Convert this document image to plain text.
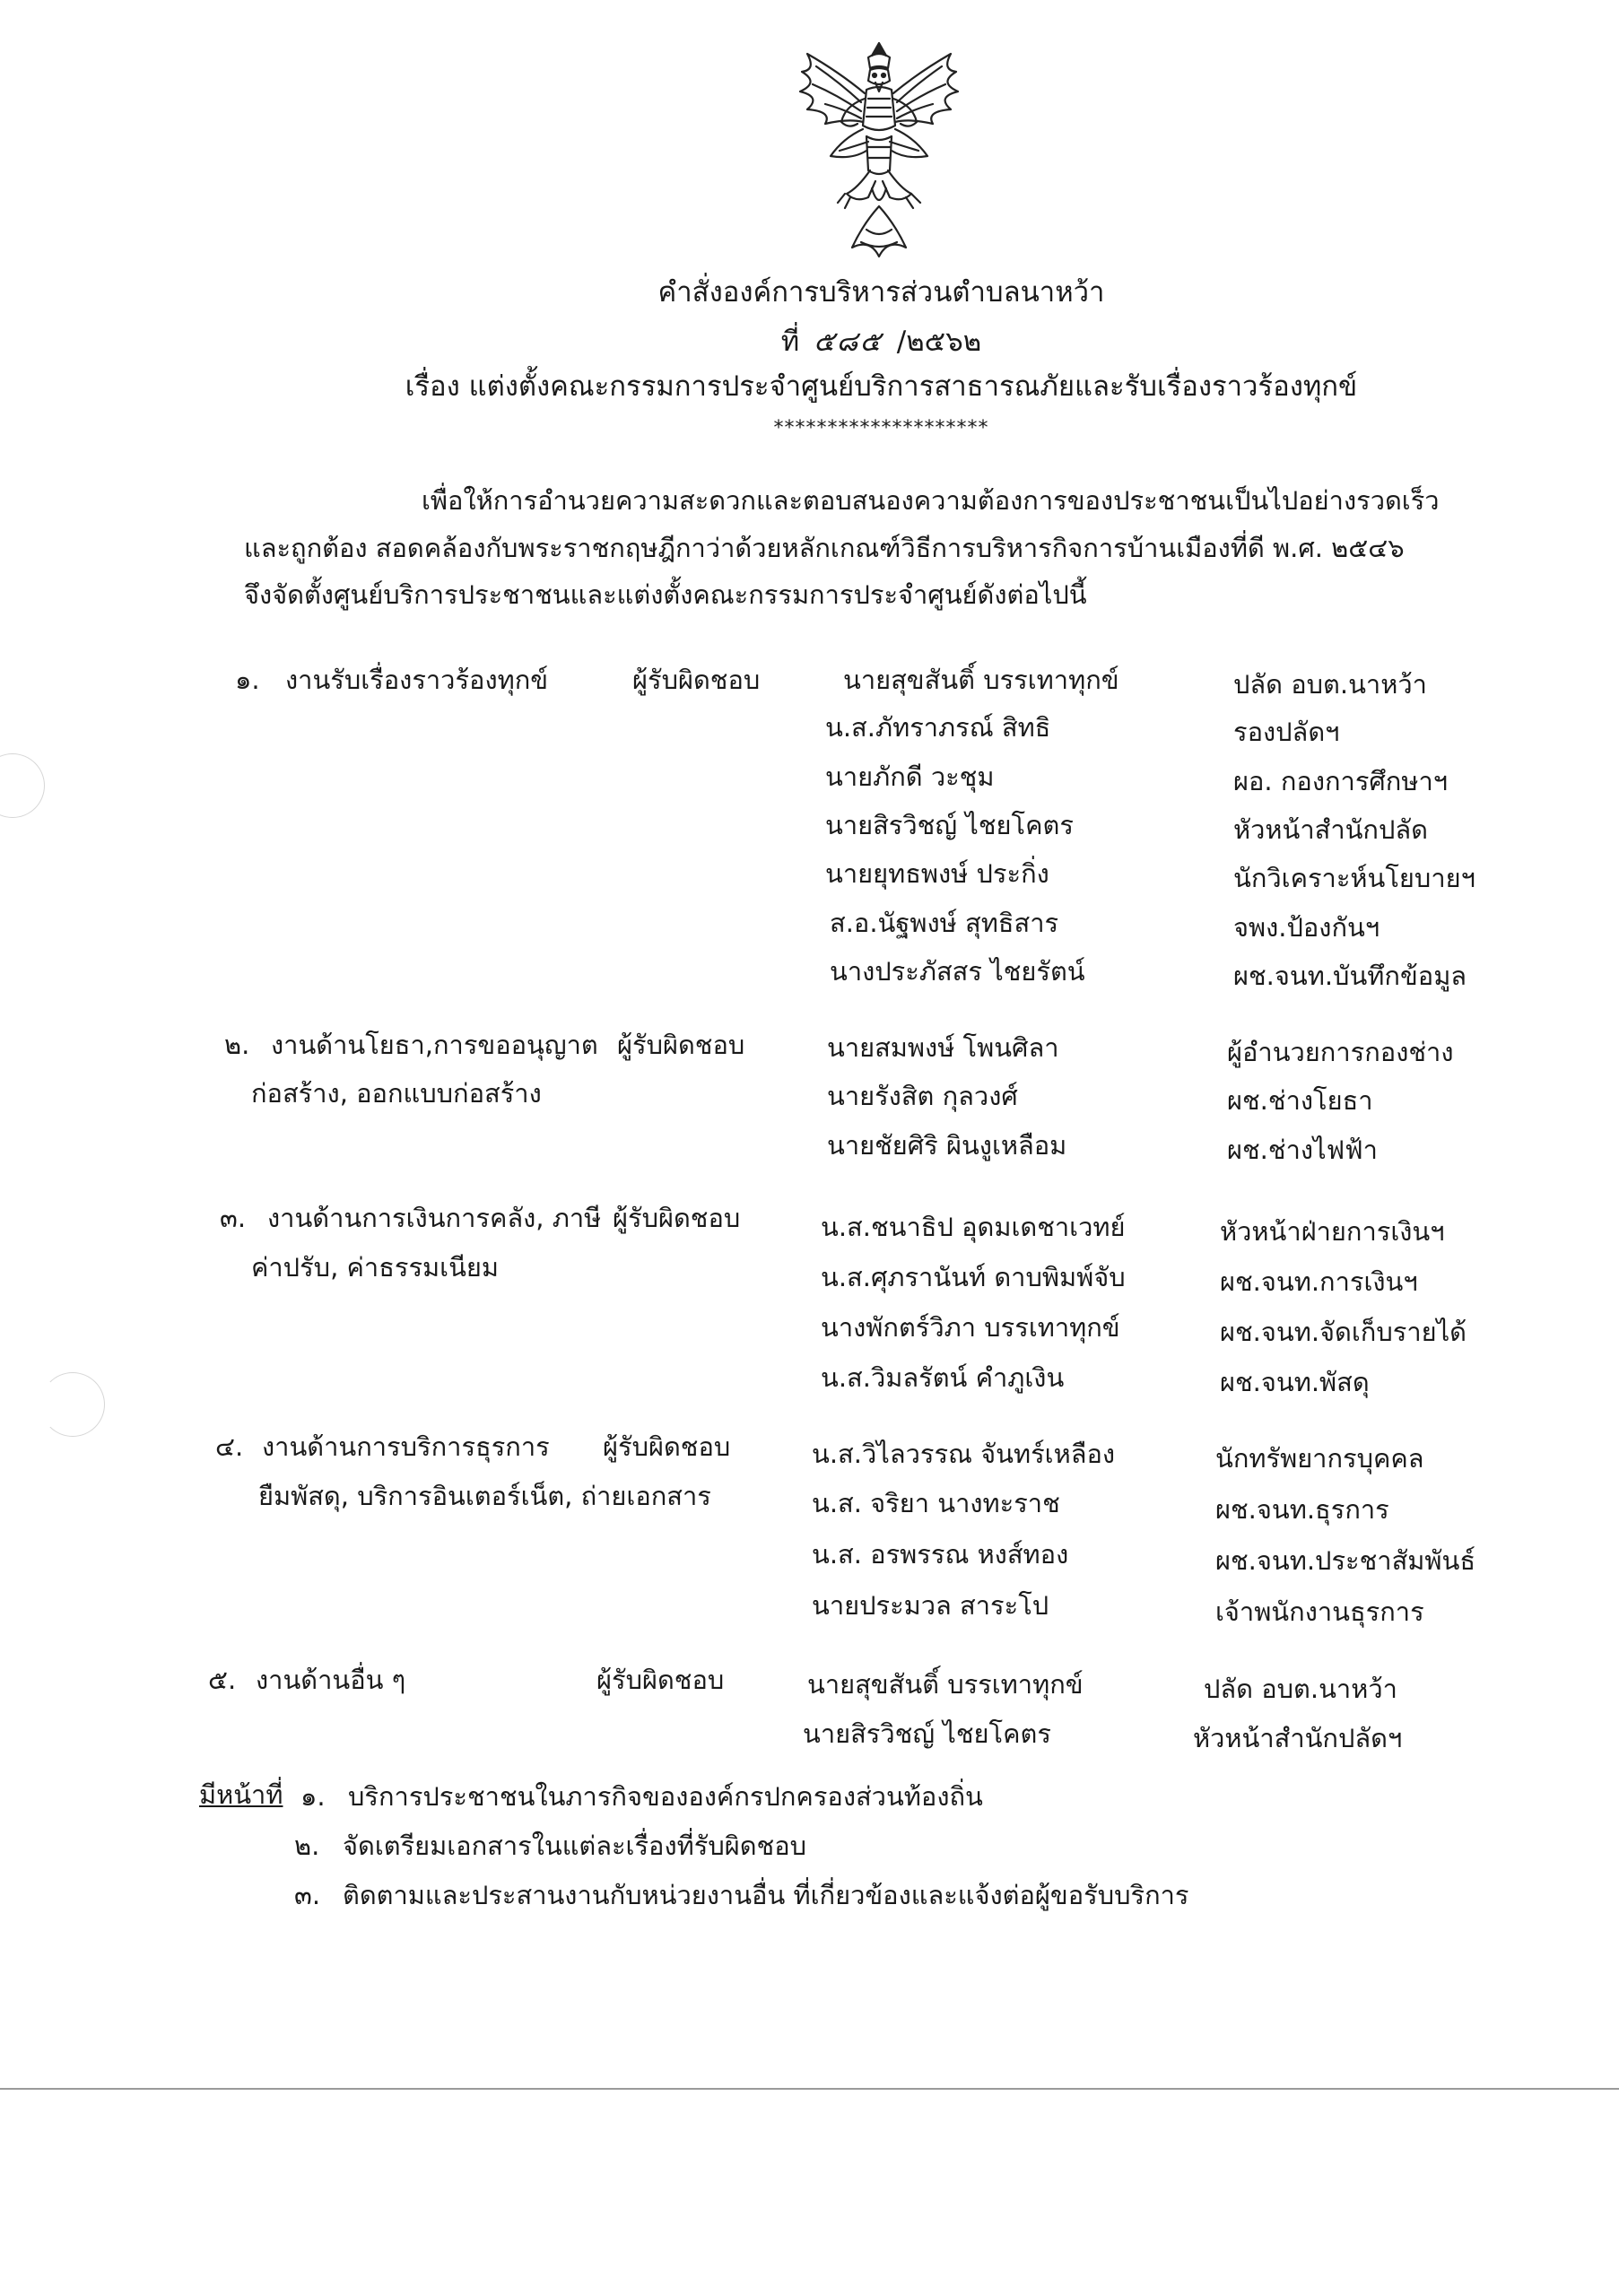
คำสั่งองค์การบริหารส่วนตำบลนาหว้า
ที่ ๕๘๕ /๒๕๖๒
เรื่อง แต่งตั้งคณะกรรมการประจำศูนย์บริการสาธารณภัยและรับเรื่องราวร้องทุกข์
********************
เพื่อให้การอำนวยความสะดวกและตอบสนองความต้องการของประชาชนเป็นไปอย่างรวดเร็ว
และถูกต้อง สอดคล้องกับพระราชกฤษฎีกาว่าด้วยหลักเกณฑ์วิธีการบริหารกิจการบ้านเมืองที่ดี พ.ศ. ๒๕๔๖
จึงจัดตั้งศูนย์บริการประชาชนและแต่งตั้งคณะกรรมการประจำศูนย์ดังต่อไปนี้
๑. งานรับเรื่องราวร้องทุกข์	ผู้รับผิดชอบ	นายสุขสันติ์ บรรเทาทุกข์	ปลัด อบต.นาหว้า
น.ส.ภัทราภรณ์ สิทธิ	รองปลัดฯ
นายภักดี วะชุม	ผอ. กองการศึกษาฯ
นายสิรวิชญ์ ไชยโคตร	หัวหน้าสำนักปลัด
นายยุทธพงษ์ ประกิ่ง	นักวิเคราะห์นโยบายฯ
ส.อ.นัฐพงษ์ สุทธิสาร	จพง.ป้องกันฯ
นางประภัสสร ไชยรัตน์	ผช.จนท.บันทึกข้อมูล
๒. งานด้านโยธา,การขออนุญาต
ก่อสร้าง, ออกแบบก่อสร้าง
ผู้รับผิดชอบ	นายสมพงษ์ โพนศิลา	ผู้อำนวยการกองช่าง
นายรังสิต กุลวงศ์	ผช.ช่างโยธา
นายชัยศิริ ผินงูเหลือม	ผช.ช่างไฟฟ้า
๓. งานด้านการเงินการคลัง, ภาษี
ค่าปรับ, ค่าธรรมเนียม
ผู้รับผิดชอบ	น.ส.ชนาธิป อุดมเดชาเวทย์	หัวหน้าฝ่ายการเงินฯ
น.ส.ศุภรานันท์ ดาบพิมพ์จับ	ผช.จนท.การเงินฯ
นางพักตร์วิภา บรรเทาทุกข์	ผช.จนท.จัดเก็บรายได้
น.ส.วิมลรัตน์ คำภูเงิน	ผช.จนท.พัสดุ
๔. งานด้านการบริการธุรการ
ยืมพัสดุ, บริการอินเตอร์เน็ต, ถ่ายเอกสาร
ผู้รับผิดชอบ	น.ส.วิไลวรรณ จันทร์เหลือง	นักทรัพยากรบุคคล
น.ส. จริยา นางทะราช	ผช.จนท.ธุรการ
น.ส. อรพรรณ หงส์ทอง	ผช.จนท.ประชาสัมพันธ์
นายประมวล สาระโป	เจ้าพนักงานธุรการ
๕. งานด้านอื่น ๆ	ผู้รับผิดชอบ	นายสุขสันติ์ บรรเทาทุกข์	ปลัด อบต.นาหว้า
นายสิรวิชญ์ ไชยโคตร	หัวหน้าสำนักปลัดฯ
มีหน้าที่ ๑. บริการประชาชนในภารกิจขององค์กรปกครองส่วนท้องถิ่น
๒. จัดเตรียมเอกสารในแต่ละเรื่องที่รับผิดชอบ
๓. ติดตามและประสานงานกับหน่วยงานอื่น ที่เกี่ยวข้องและแจ้งต่อผู้ขอรับบริการ
